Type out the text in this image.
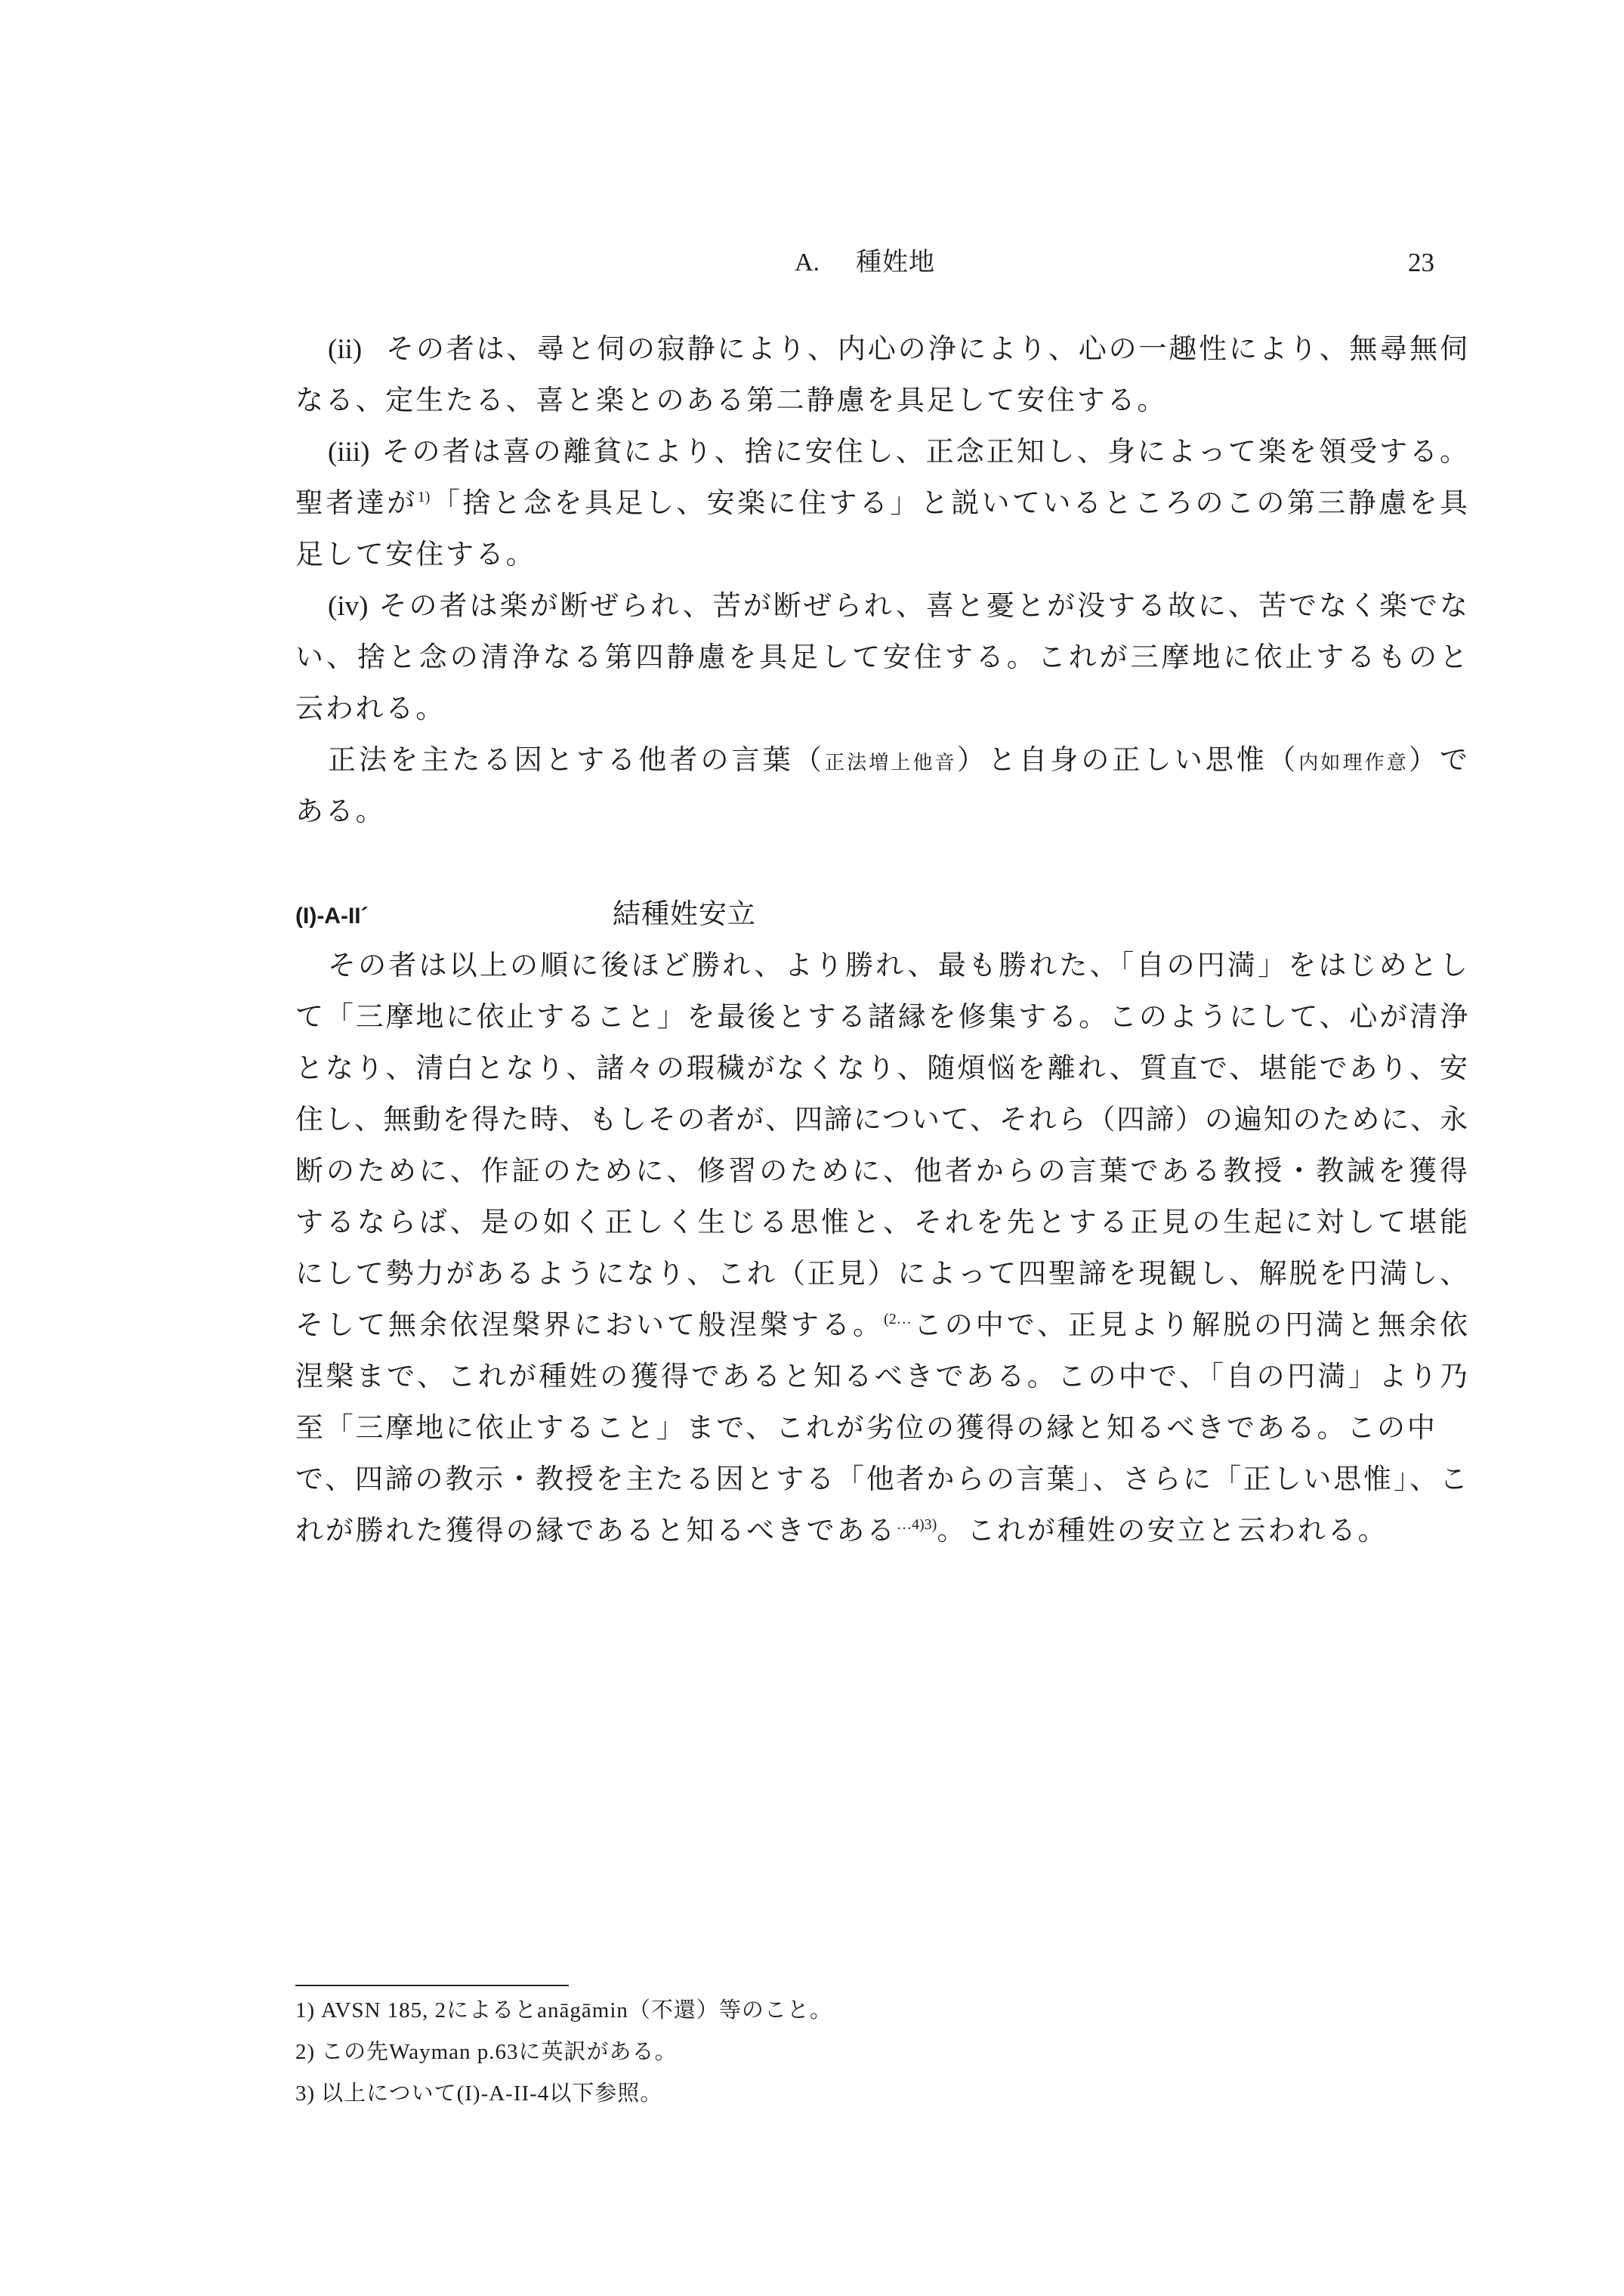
A. 種姓地	23
(ii) その者は、尋と伺の寂静により、内心の浄により、心の一趣性により、無尋無伺
なる、定生たる、喜と楽とのある第二静慮を具足して安住する。
(iii) その者は喜の離貧により、捨に安住し、正念正知し、身によって楽を領受する。
聖者達が$^{1)}$「捨と念を具足し、安楽に住する」と説いているところのこの第三静慮を具
足して安住する。
(iv) その者は楽が断ぜられ、苦が断ぜられ、喜と憂とが没する故に、苦でなく楽でな
い、捨と念の清浄なる第四静慮を具足して安住する。これが三摩地に依止するものと
云われる。
正法を主たる因とする他者の言葉（正法増上他音）と自身の正しい思惟（内如理作意）で
ある。
(I)-A-II´	結種姓安立
その者は以上の順に後ほど勝れ、より勝れ、最も勝れた、「自の円満」をはじめとし
て「三摩地に依止すること」を最後とする諸縁を修集する。このようにして、心が清浄
となり、清白となり、諸々の瑕穢がなくなり、随煩悩を離れ、質直で、堪能であり、安
住し、無動を得た時、もしその者が、四諦について、それら（四諦）の遍知のために、永
断のために、作証のために、修習のために、他者からの言葉である教授・教誡を獲得
するならば、是の如く正しく生じる思惟と、それを先とする正見の生起に対して堪能
にして勢力があるようになり、これ（正見）によって四聖諦を現観し、解脱を円満し、
そして無余依涅槃界において般涅槃する。$^{(2\dots}$この中で、正見より解脱の円満と無余依
涅槃まで、これが種姓の獲得であると知るべきである。この中で、「自の円満」より乃
至「三摩地に依止すること」まで、これが劣位の獲得の縁と知るべきである。この中
で、四諦の教示・教授を主たる因とする「他者からの言葉」、さらに「正しい思惟」、こ
れが勝れた獲得の縁であると知るべきである$^{\dots 4)3)}$。これが種姓の安立と云われる。
1) AVSN 185, 2によるとanāgāmin（不還）等のこと。
2) この先Wayman p.63に英訳がある。
3) 以上について(I)-A-II-4以下参照。
